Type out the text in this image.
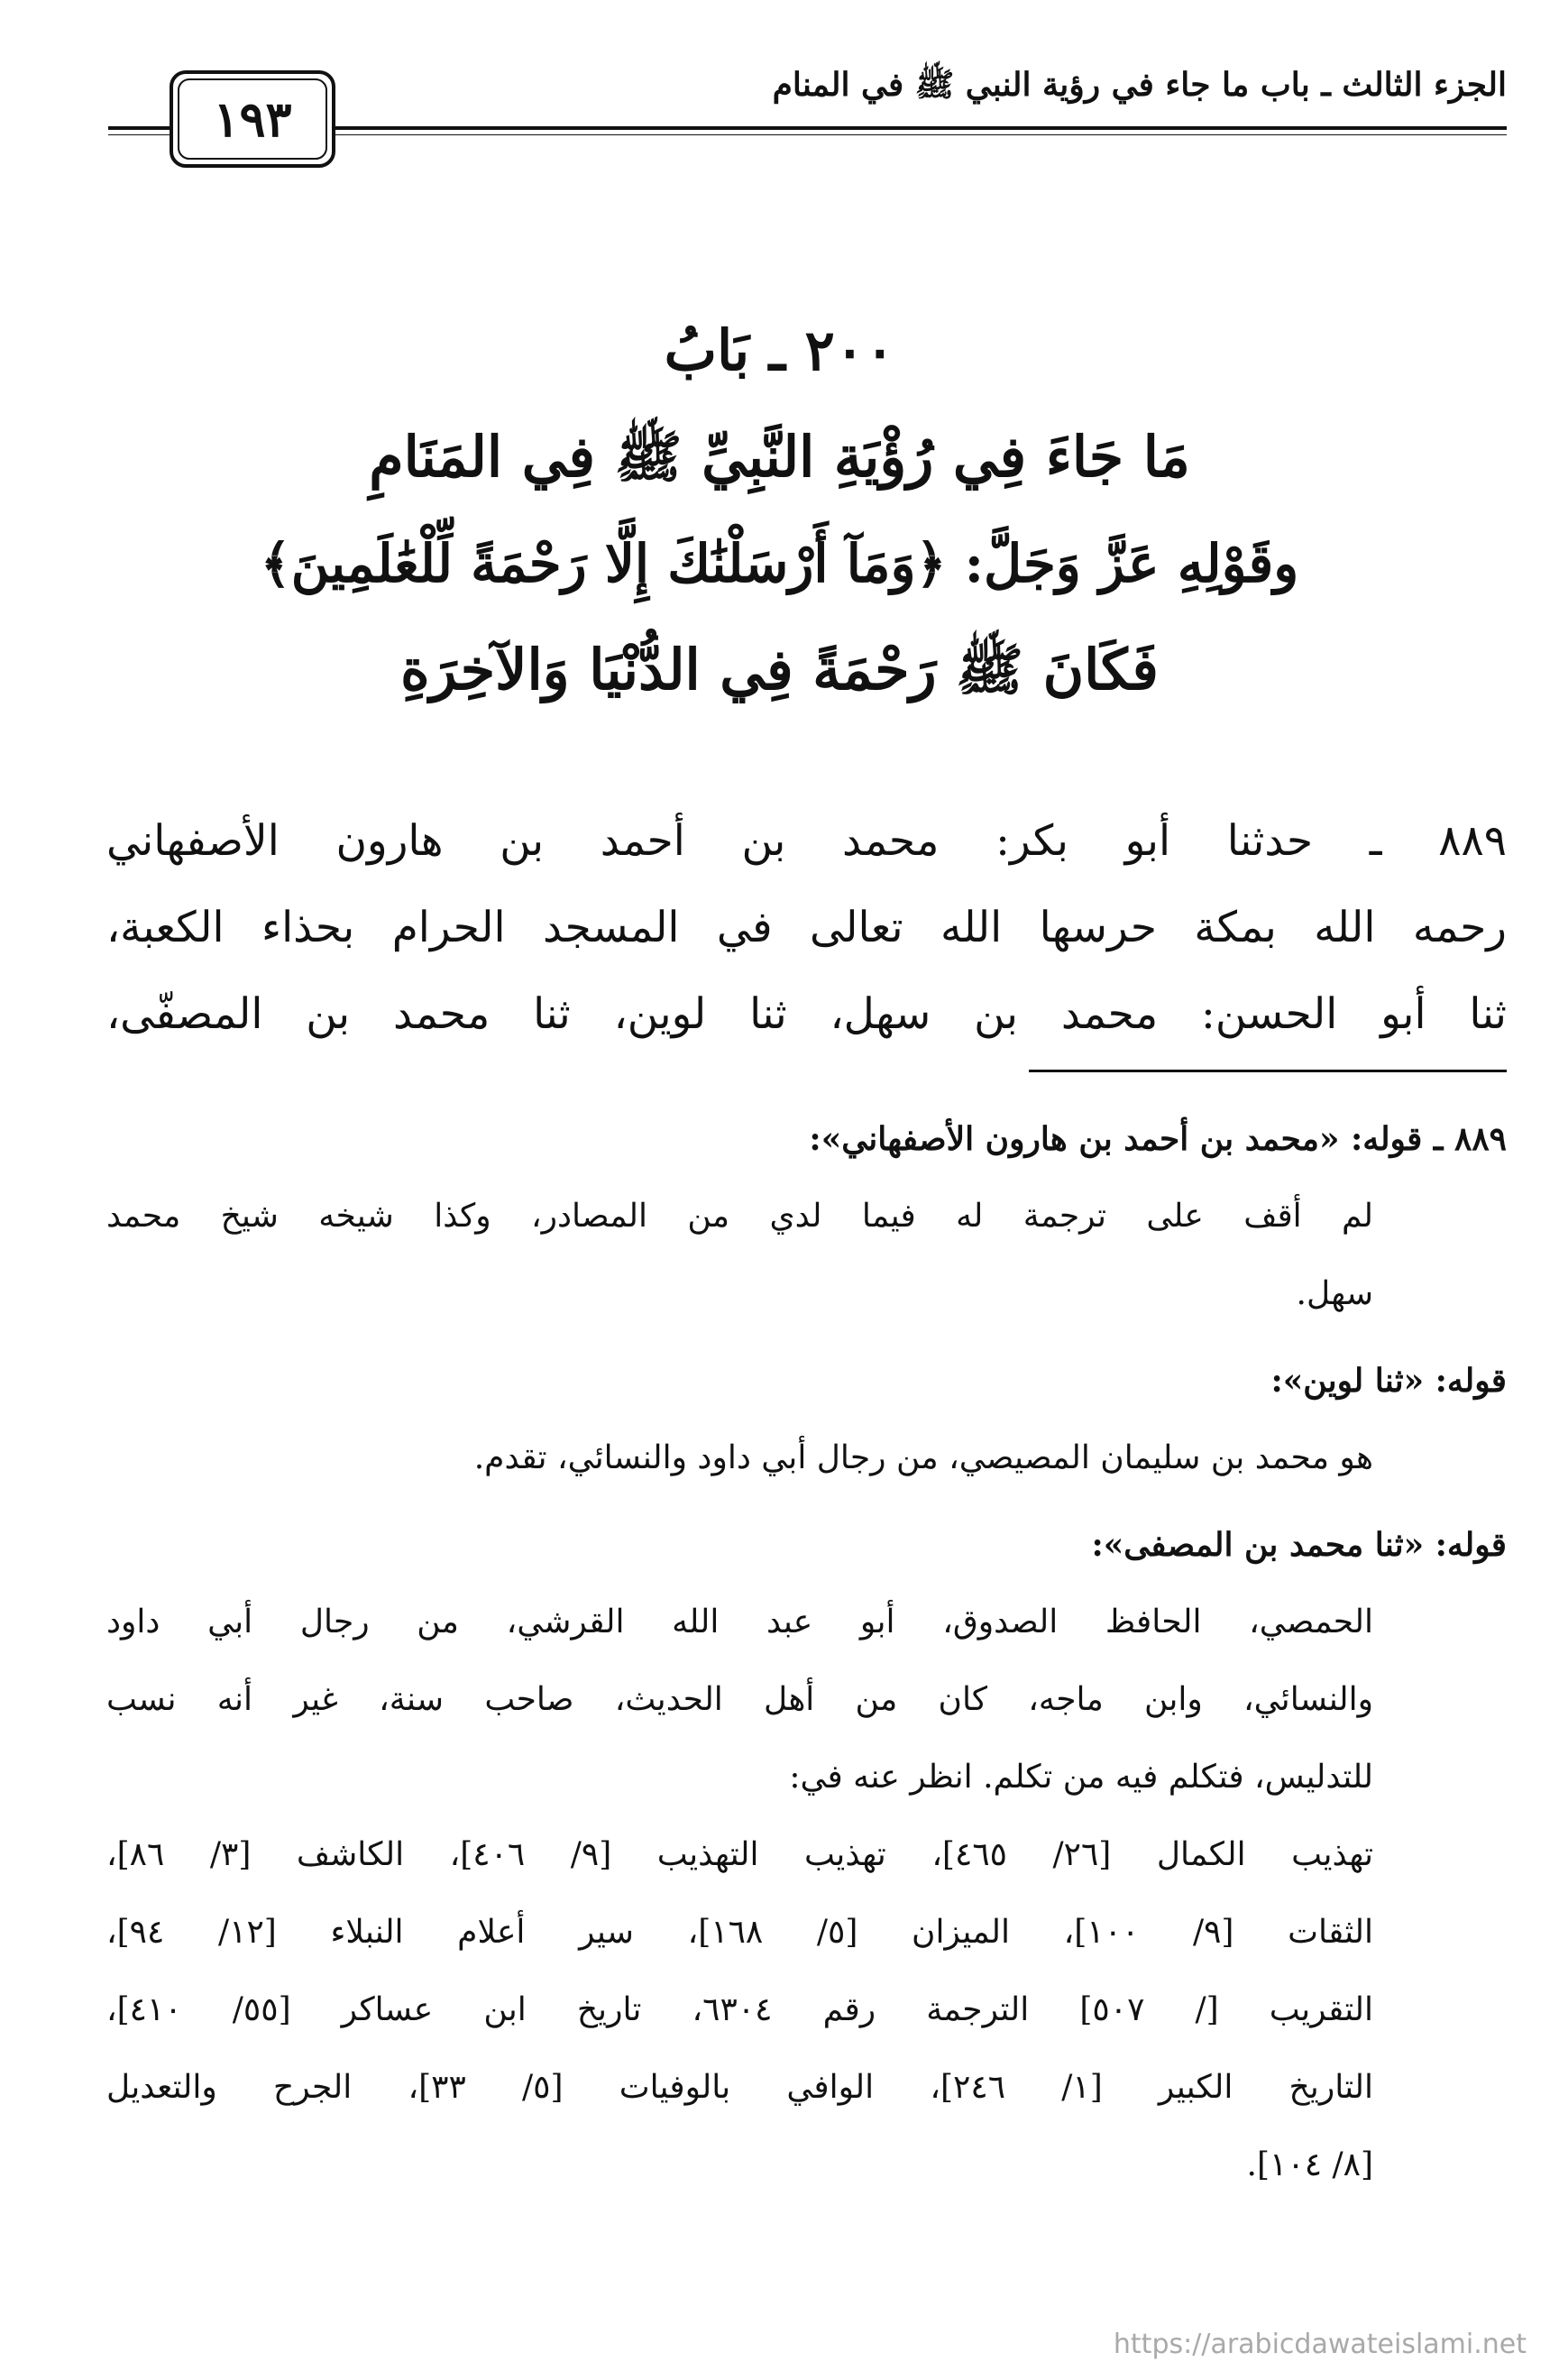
الجزء الثالث ـ باب ما جاء في رؤية النبي ﷺ في المنام
١٩٣
٢٠٠ ـ بَابُ
مَا جَاءَ فِي رُؤْيَةِ النَّبِيِّ ﷺ فِي المَنَامِ
وقَوْلِهِ عَزَّ وَجَلَّ: ﴿وَمَآ أَرْسَلْنَٰكَ إِلَّا رَحْمَةً لِّلْعَٰلَمِينَ﴾
فَكَانَ ﷺ رَحْمَةً فِي الدُّنْيَا وَالآخِرَةِ
٨٨٩ ـ حدثنا أبو بكر: محمد بن أحمد بن هارون الأصفهاني
رحمه الله بمكة حرسها الله تعالى في المسجد الحرام بحذاء الكعبة،
ثنا أبو الحسن: محمد بن سهل، ثنا لوين، ثنا محمد بن المصفّى،
٨٨٩ ـ قوله: «محمد بن أحمد بن هارون الأصفهاني»:
لم أقف على ترجمة له فيما لدي من المصادر، وكذا شيخه شيخ محمد
سهل.
قوله: «ثنا لوين»:
هو محمد بن سليمان المصيصي، من رجال أبي داود والنسائي، تقدم.
قوله: «ثنا محمد بن المصفى»:
الحمصي، الحافظ الصدوق، أبو عبد الله القرشي، من رجال أبي داود
والنسائي، وابن ماجه، كان من أهل الحديث، صاحب سنة، غير أنه نسب
للتدليس، فتكلم فيه من تكلم. انظر عنه في:
تهذيب الكمال [٢٦/ ٤٦٥]، تهذيب التهذيب [٩/ ٤٠٦]، الكاشف [٣/ ٨٦]،
الثقات [٩/ ١٠٠]، الميزان [٥/ ١٦٨]، سير أعلام النبلاء [١٢/ ٩٤]،
التقريب [/ ٥٠٧] الترجمة رقم ٦٣٠٤، تاريخ ابن عساكر [٥٥/ ٤١٠]،
التاريخ الكبير [١/ ٢٤٦]، الوافي بالوفيات [٥/ ٣٣]، الجرح والتعديل
[٨/ ١٠٤].
https://arabicdawateislami.net
